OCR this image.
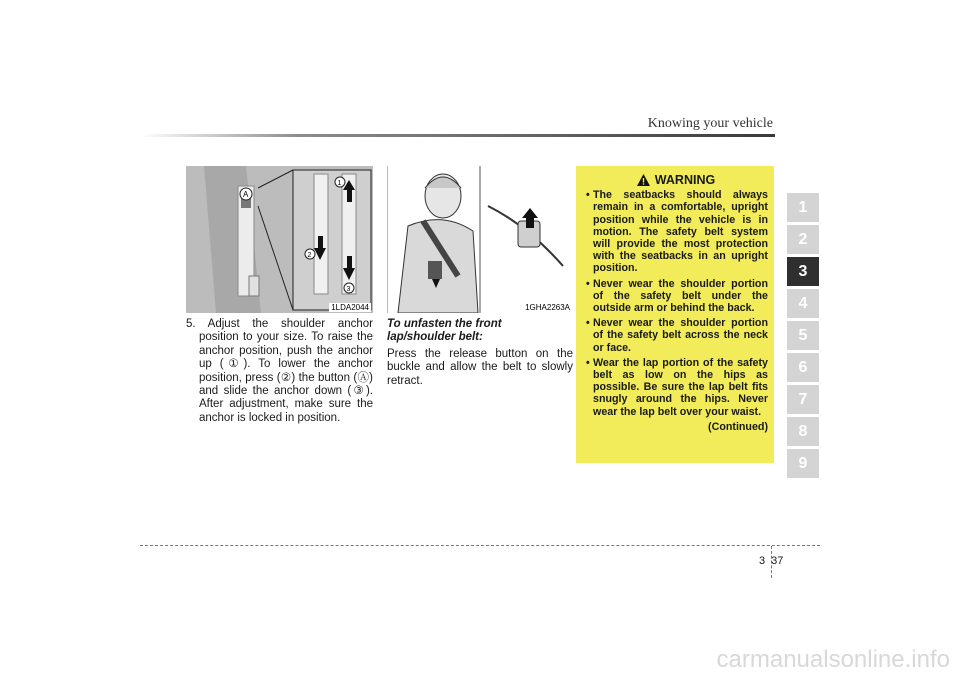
Knowing your vehicle
A
1
2
3
1LDA2044	1GHA2263A
5. Adjust the shoulder anchor position to your size. To raise the anchor position, push the anchor up (①). To lower the anchor position, press (②) the button (Ⓐ) and slide the anchor down (③). After adjustment, make sure the anchor is locked in position.

To unfasten the front lap/shoulder belt:

Press the release button on the buckle and allow the belt to slowly retract.

WARNING
• The seatbacks should always remain in a comfortable, upright position while the vehicle is in motion. The safety belt system will provide the most protection with the seatbacks in an upright position.
• Never wear the shoulder portion of the safety belt under the outside arm or behind the back.
• Never wear the shoulder portion of the safety belt across the neck or face.
• Wear the lap portion of the safety belt as low on the hips as possible. Be sure the lap belt fits snugly around the hips. Never wear the lap belt over your waist.
(Continued)
1
2
3
4
5
6
7
8
9
3 37
carmanualsonline.info
